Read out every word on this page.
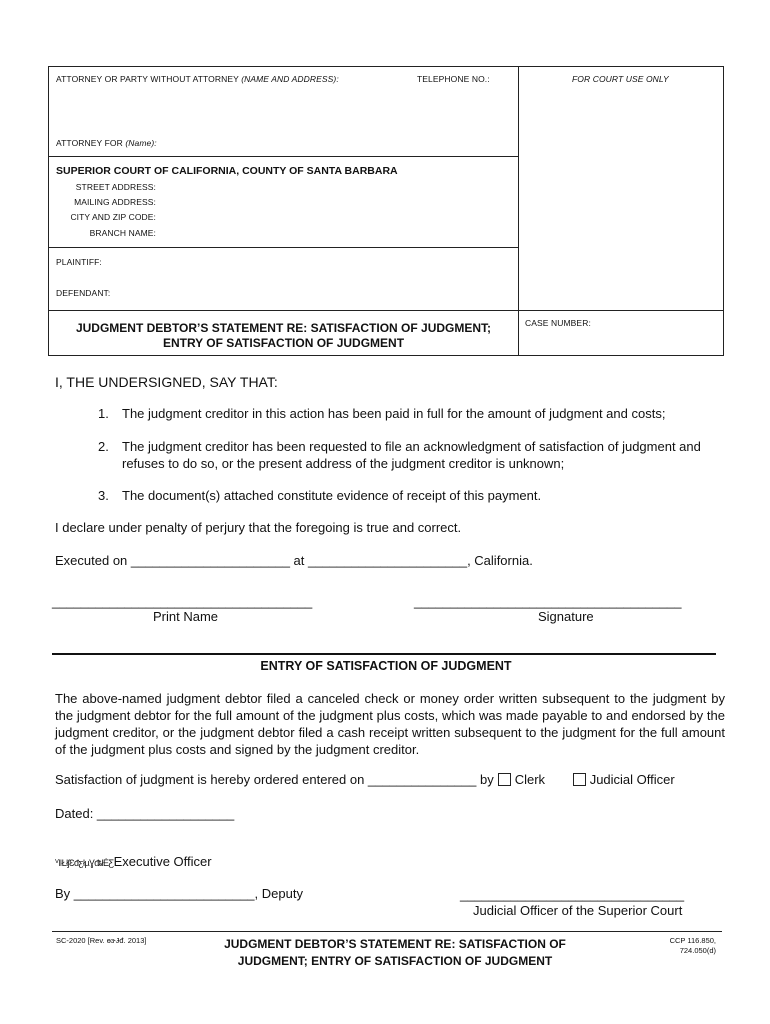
ATTORNEY OR PARTY WITHOUT ATTORNEY (NAME AND ADDRESS):	TELEPHONE NO.:	FOR COURT USE ONLY
ATTORNEY FOR (Name):
SUPERIOR COURT OF CALIFORNIA, COUNTY OF SANTA BARBARA
STREET ADDRESS:
MAILING ADDRESS:
CITY AND ZIP CODE:
BRANCH NAME:
PLAINTIFF:
DEFENDANT:
JUDGMENT DEBTOR’S STATEMENT RE: SATISFACTION OF JUDGMENT;
ENTRY OF SATISFACTION OF JUDGMENT
CASE NUMBER:
I, THE UNDERSIGNED, SAY THAT:
1. The judgment creditor in this action has been paid in full for the amount of judgment and costs;
2.	The judgment creditor has been requested to file an acknowledgment of satisfaction of judgment and refuses to do so, or the present address of the judgment creditor is unknown;
3. The document(s) attached constitute evidence of receipt of this payment.
I declare under penalty of perjury that the foregoing is true and correct.
Executed on ______________________ at ______________________, California.
____________________________________	_____________________________________
Print Name	Signature
ENTRY OF SATISFACTION OF JUDGMENT
The above-named judgment debtor filed a canceled check or money order written subsequent to the judgment by the judgment debtor for the full amount of the judgment plus costs, which was made payable to and endorsed by the judgment creditor, or the judgment debtor filed a cash receipt written subsequent to the judgment for the full amount of the judgment plus costs and signed by the judgment creditor.
Satisfaction of judgment is hereby ordered entered on _______________ by Clerk	Judicial Officer
Dated: ___________________
ⱽǁŁłʃƐđƹłµƔđȶłĖƸExecutive Officer
By _________________________, Deputy	_______________________________
Judicial Officer of the Superior Court
SC-2020 [Rev. ɵɝɈđ. 2013]	JUDGMENT DEBTOR’S STATEMENT RE: SATISFACTION OF
JUDGMENT; ENTRY OF SATISFACTION OF JUDGMENT
CCP 116.850,
724.050(d)
